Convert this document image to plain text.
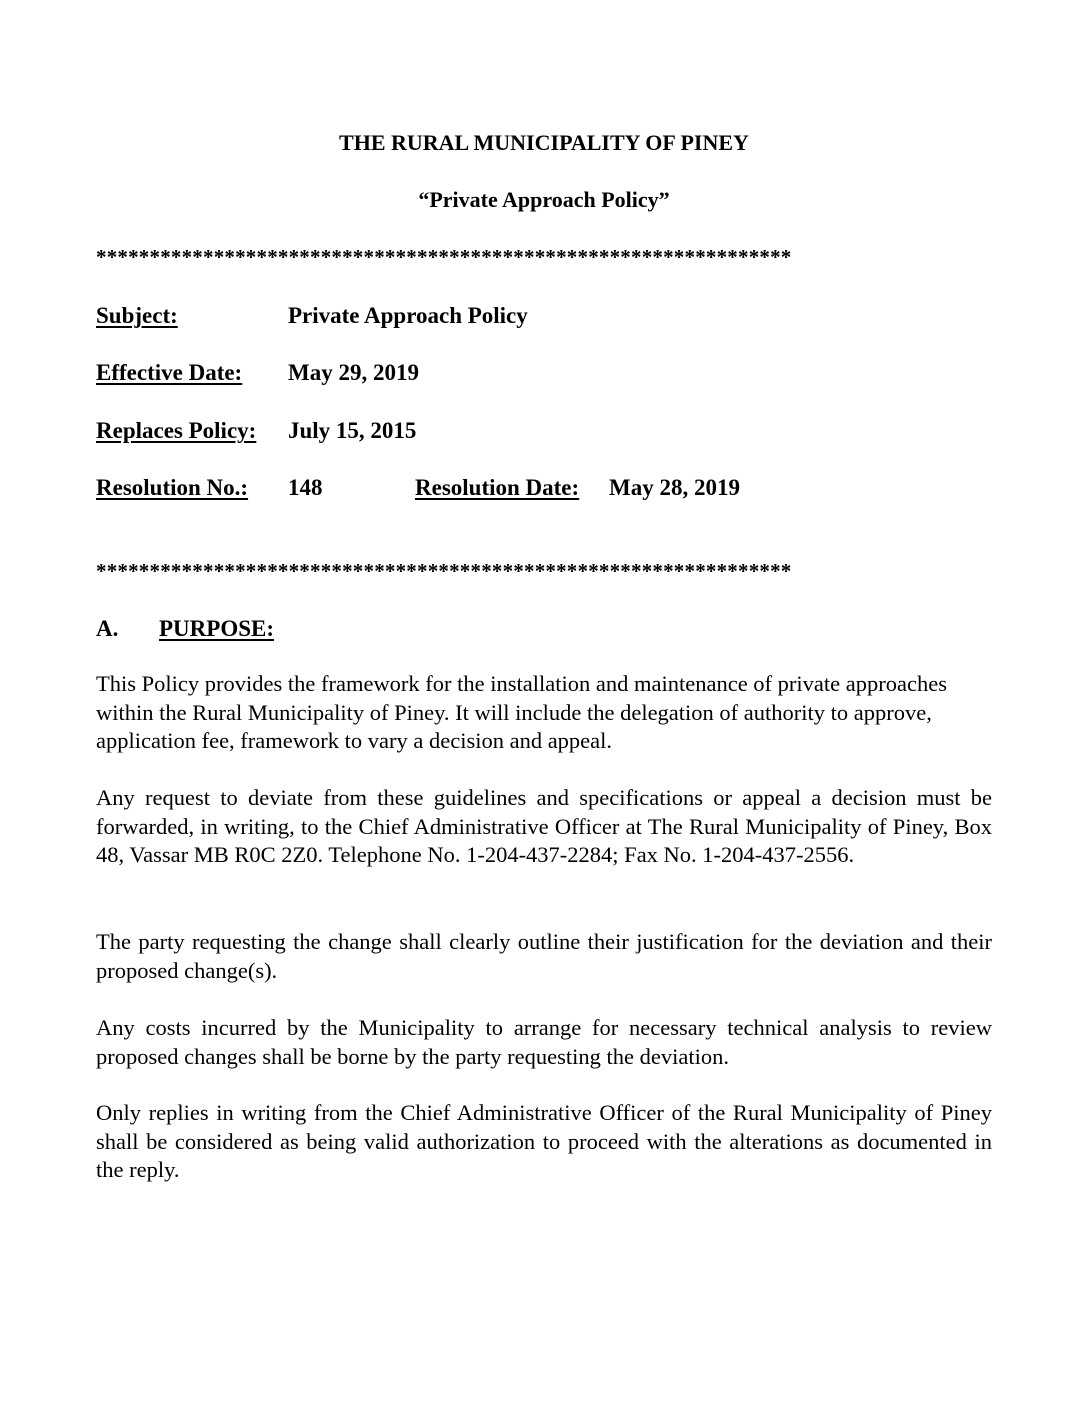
THE RURAL MUNICIPALITY OF PINEY
“Private Approach Policy”
*****************************************************************
Subject:	Private Approach Policy
Effective Date: May 29, 2019
Replaces Policy: July 15, 2015
Resolution No.: 148	Resolution Date: May 28, 2019
*****************************************************************
A. PURPOSE:

This Policy provides the framework for the installation and maintenance of private approaches within the Rural Municipality of Piney. It will include the delegation of authority to approve, application fee, framework to vary a decision and appeal.

Any request to deviate from these guidelines and specifications or appeal a decision must be forwarded, in writing, to the Chief Administrative Officer at The Rural Municipality of Piney, Box 48, Vassar MB R0C 2Z0. Telephone No. 1-204-437-2284; Fax No. 1-204-437-2556.

The party requesting the change shall clearly outline their justification for the deviation and their proposed change(s).

Any costs incurred by the Municipality to arrange for necessary technical analysis to review proposed changes shall be borne by the party requesting the deviation.

Only replies in writing from the Chief Administrative Officer of the Rural Municipality of Piney shall be considered as being valid authorization to proceed with the alterations as documented in the reply.
